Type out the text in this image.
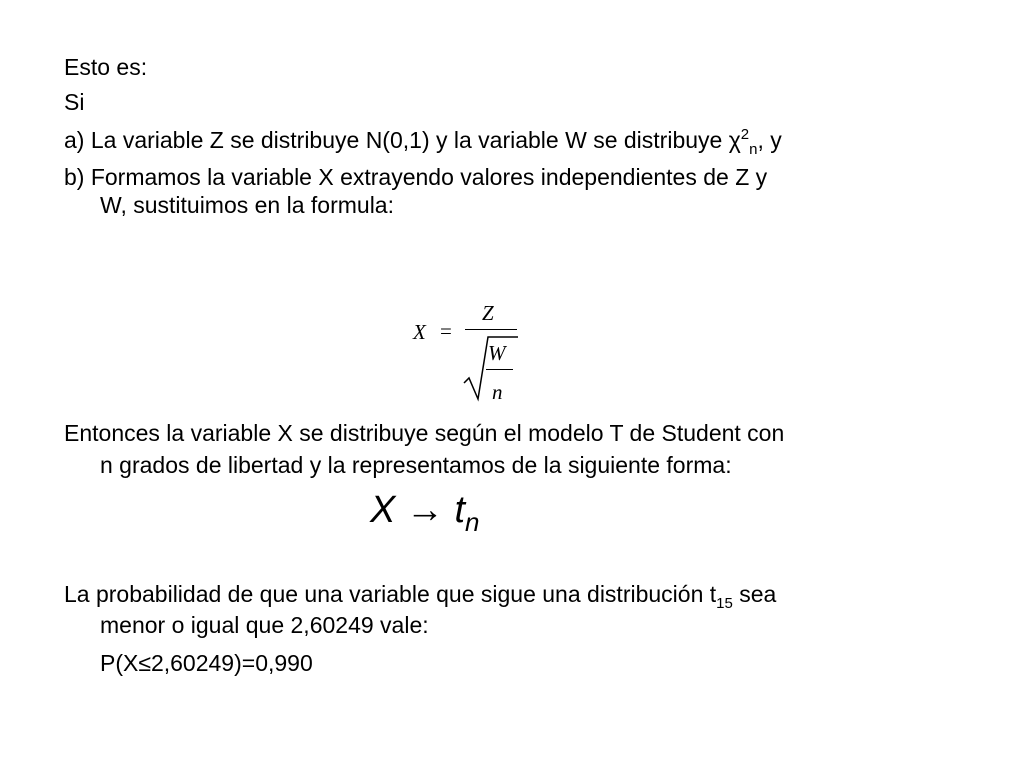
Esto es:
Si
a) La variable Z se distribuye N(0,1) y la variable W se distribuye $\chi^2_n$, y
b) Formamos la variable X extrayendo valores independientes de Z y
W, sustituimos en la formula:
X =
Z
W
n
Entonces la variable X se distribuye según el modelo T de Student con
n grados de libertad y la representamos de la siguiente forma:
$X \to t_n$
La probabilidad de que una variable que sigue una distribución $t_{15}$ sea
menor o igual que 2,60249 vale:
P(X≤2,60249)=0,990
